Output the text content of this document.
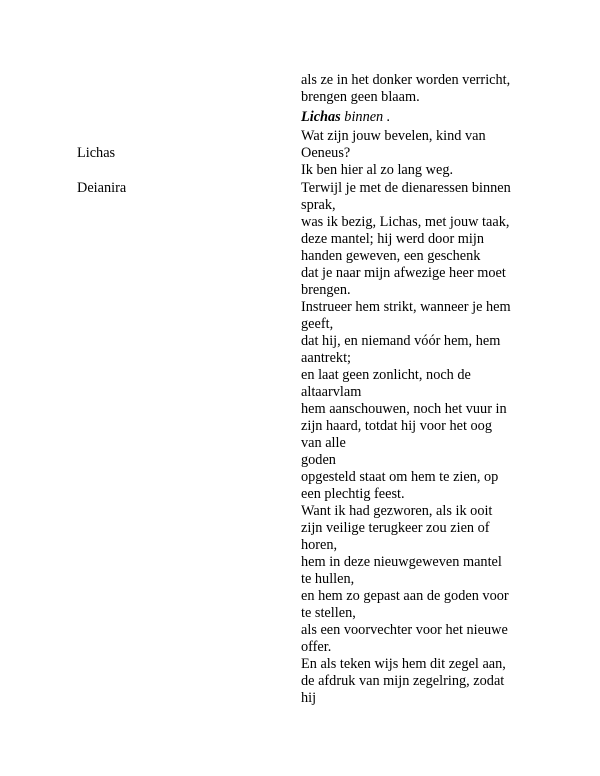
als ze in het donker worden verricht,
brengen geen blaam.
Lichas binnen .
Lichas
Wat zijn jouw bevelen, kind van
Oeneus?
Ik ben hier al zo lang weg.
Deianira	Terwijl je met de dienaressen binnen
sprak,
was ik bezig, Lichas, met jouw taak,
deze mantel; hij werd door mijn
handen geweven, een geschenk
dat je naar mijn afwezige heer moet
brengen.
Instrueer hem strikt, wanneer je hem
geeft,
dat hij, en niemand vóór hem, hem
aantrekt;
en laat geen zonlicht, noch de
altaarvlam
hem aanschouwen, noch het vuur in
zijn haard, totdat hij voor het oog
van alle
goden
opgesteld staat om hem te zien, op
een plechtig feest.
Want ik had gezworen, als ik ooit
zijn veilige terugkeer zou zien of
horen,
hem in deze nieuwgeweven mantel
te hullen,
en hem zo gepast aan de goden voor
te stellen,
als een voorvechter voor het nieuwe
offer.
En als teken wijs hem dit zegel aan,
de afdruk van mijn zegelring, zodat
hij
